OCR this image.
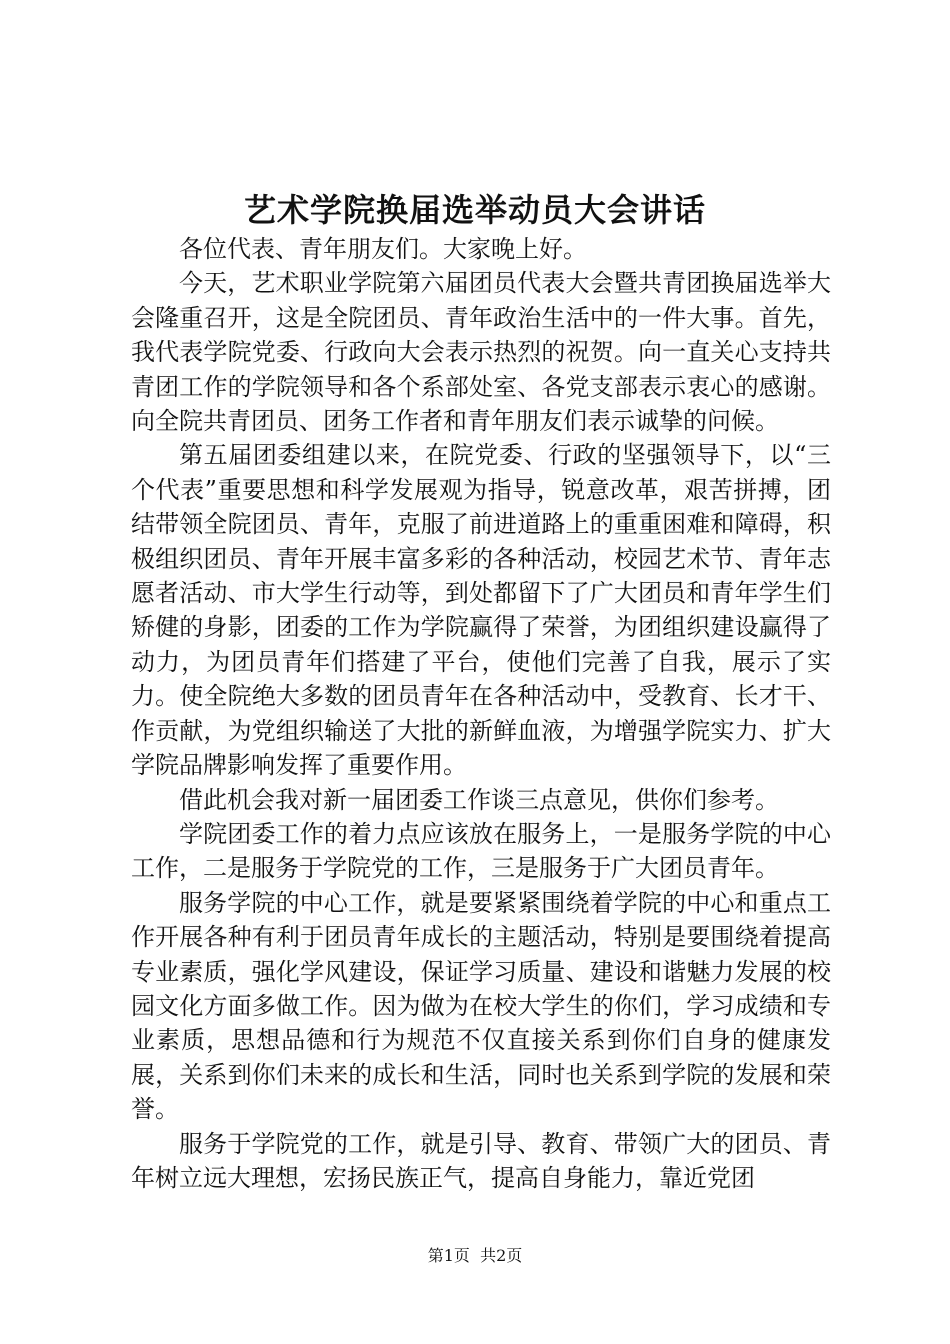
艺术学院换届选举动员大会讲话

各位代表、青年朋友们。大家晚上好。

今天，艺术职业学院第六届团员代表大会暨共青团换届选举大会隆重召开，这是全院团员、青年政治生活中的一件大事。首先，我代表学院党委、行政向大会表示热烈的祝贺。向一直关心支持共青团工作的学院领导和各个系部处室、各党支部表示衷心的感谢。向全院共青团员、团务工作者和青年朋友们表示诚挚的问候。

第五届团委组建以来，在院党委、行政的坚强领导下，以“三个代表”重要思想和科学发展观为指导，锐意改革，艰苦拼搏，团结带领全院团员、青年，克服了前进道路上的重重困难和障碍，积极组织团员、青年开展丰富多彩的各种活动，校园艺术节、青年志愿者活动、市大学生行动等，到处都留下了广大团员和青年学生们矫健的身影，团委的工作为学院赢得了荣誉，为团组织建设赢得了动力，为团员青年们搭建了平台，使他们完善了自我，展示了实力。使全院绝大多数的团员青年在各种活动中，受教育、长才干、作贡献，为党组织输送了大批的新鲜血液，为增强学院实力、扩大学院品牌影响发挥了重要作用。

借此机会我对新一届团委工作谈三点意见，供你们参考。

学院团委工作的着力点应该放在服务上，一是服务学院的中心工作，二是服务于学院党的工作，三是服务于广大团员青年。

服务学院的中心工作，就是要紧紧围绕着学院的中心和重点工作开展各种有利于团员青年成长的主题活动，特别是要围绕着提高专业素质，强化学风建设，保证学习质量、建设和谐魅力发展的校园文化方面多做工作。因为做为在校大学生的你们，学习成绩和专业素质，思想品德和行为规范不仅直接关系到你们自身的健康发展，关系到你们未来的成长和生活，同时也关系到学院的发展和荣誉。

服务于学院党的工作，就是引导、教育、带领广大的团员、青年树立远大理想，宏扬民族正气，提高自身能力，靠近党团

第1页 共2页
